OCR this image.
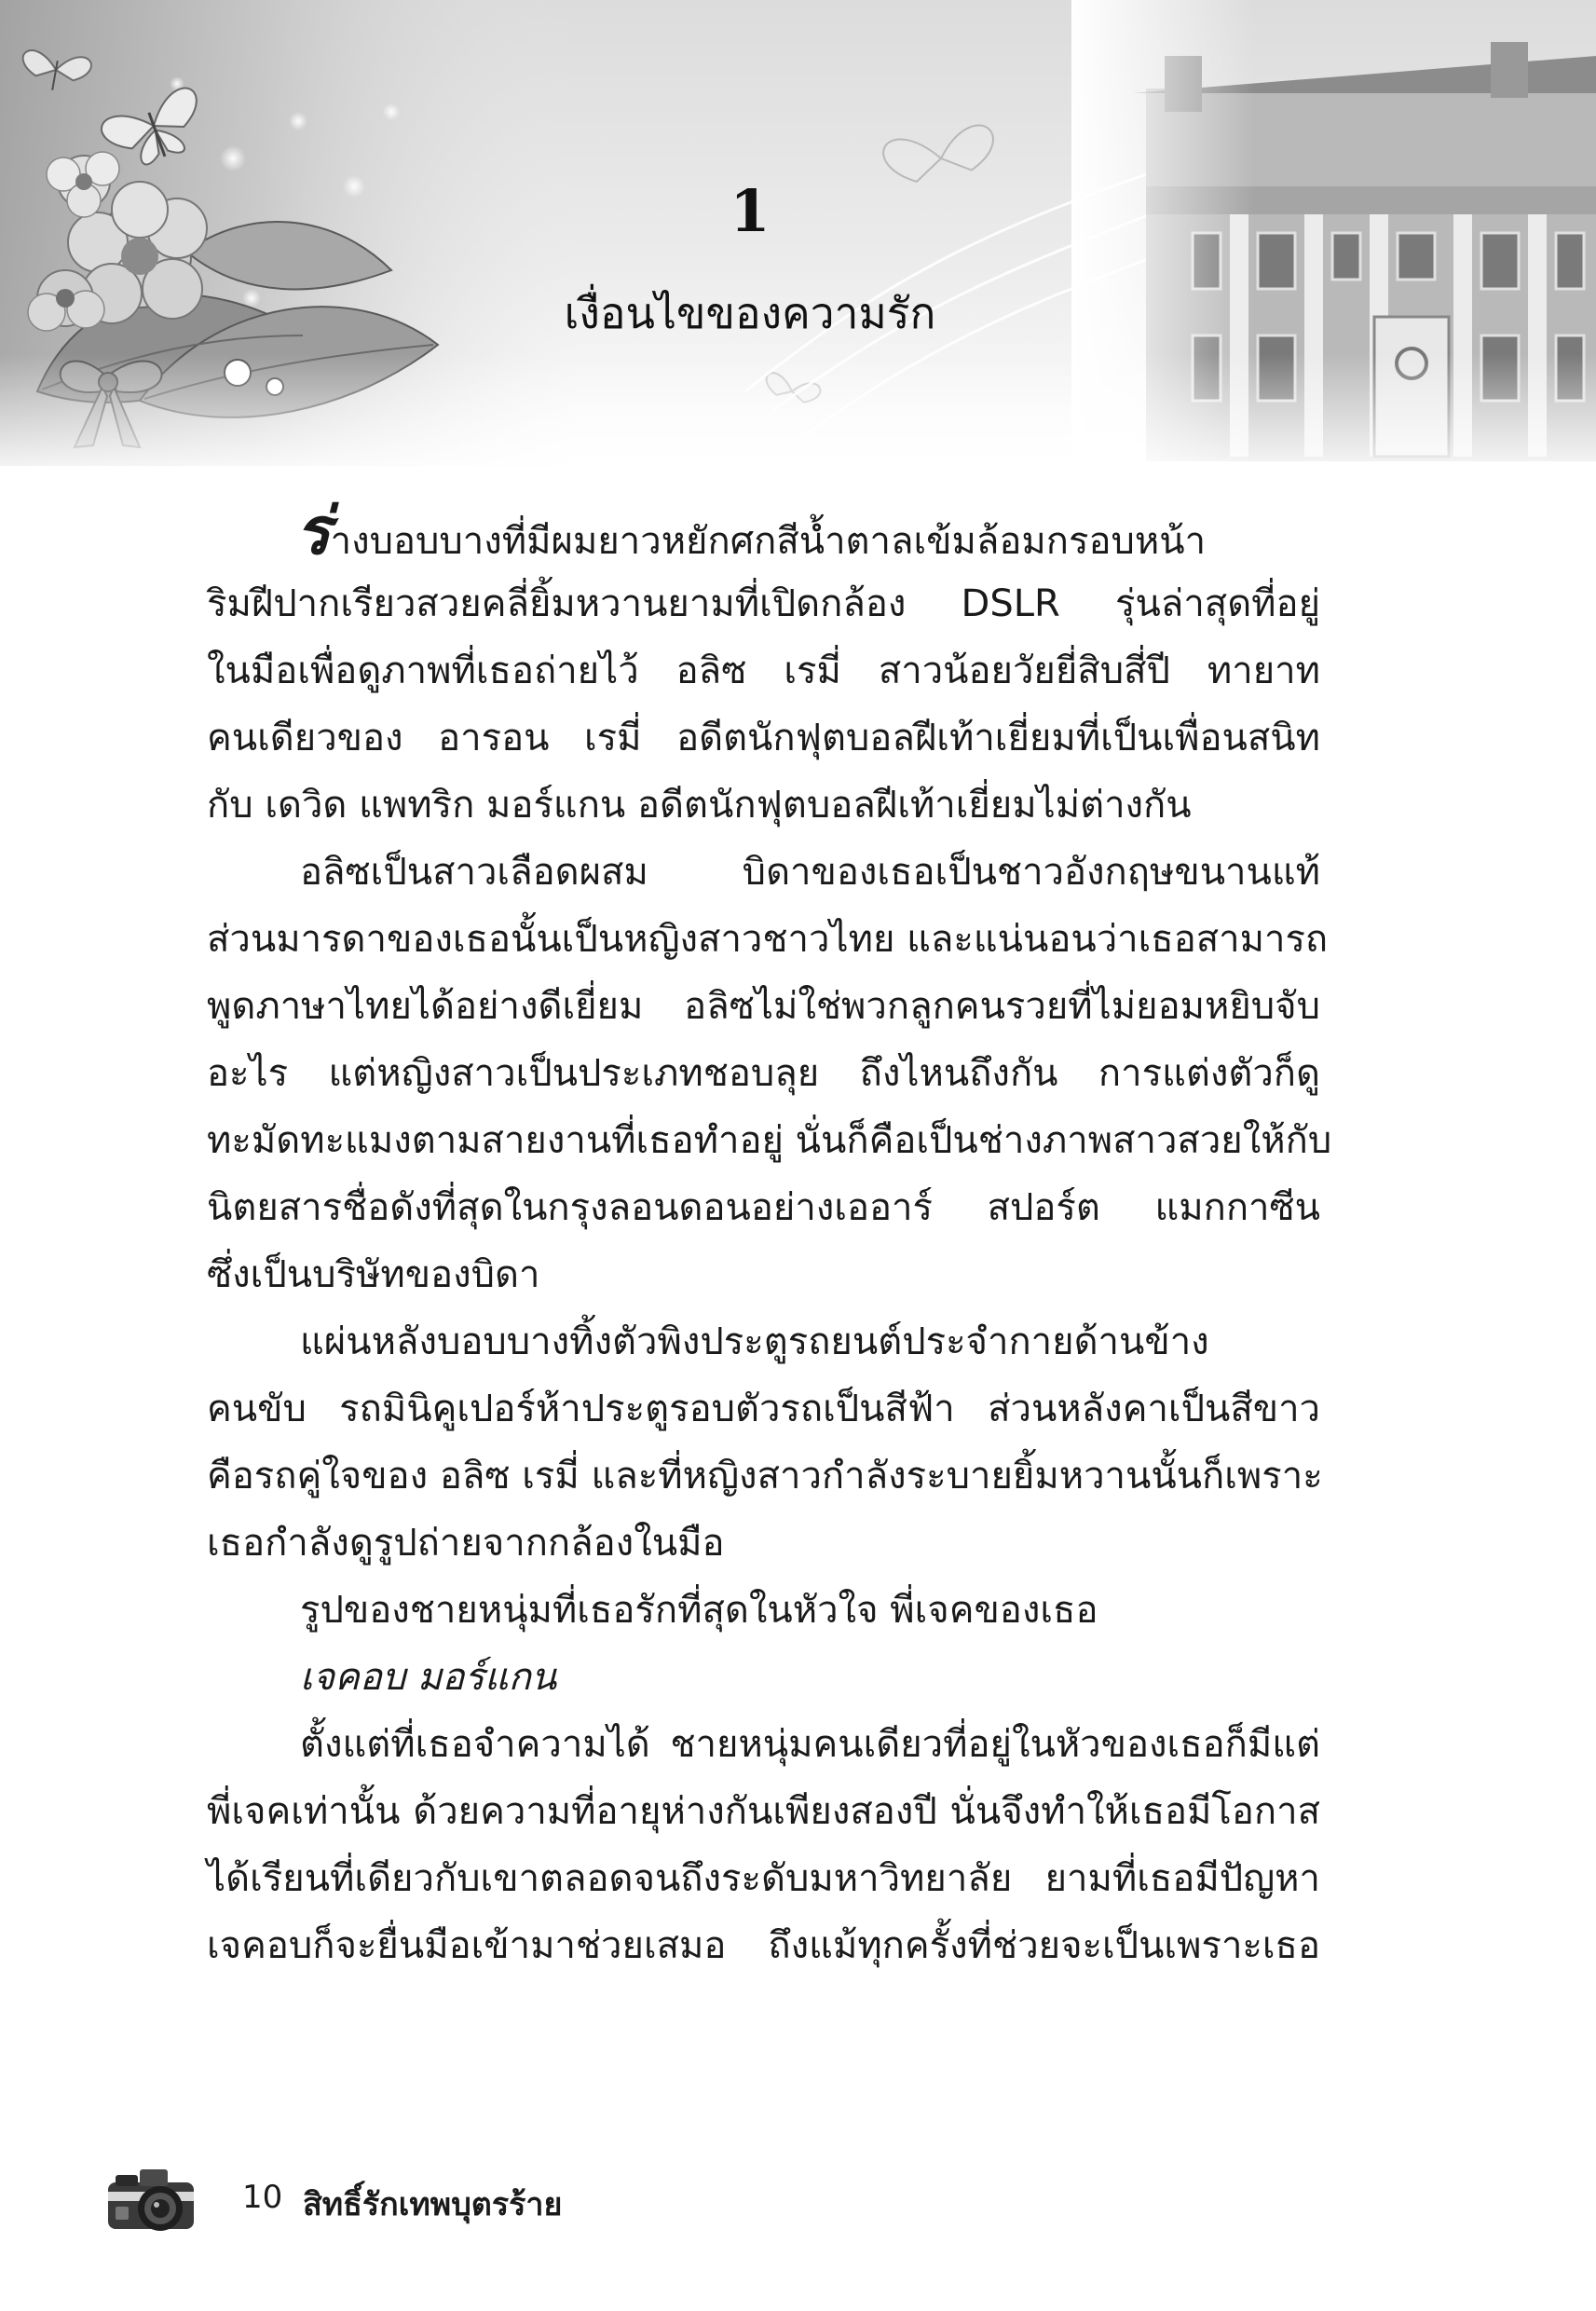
1
เงื่อนไขของความรัก
ร่างบอบบางที่มีผมยาวหยักศกสีน้ำตาลเข้มล้อมกรอบหน้า
ริมฝีปากเรียวสวยคลี่ยิ้มหวานยามที่เปิดกล้อง DSLR รุ่นล่าสุดที่อยู่
ในมือเพื่อดูภาพที่เธอถ่ายไว้ อลิซ เรมี่ สาวน้อยวัยยี่สิบสี่ปี ทายาท
คนเดียวของ อารอน เรมี่ อดีตนักฟุตบอลฝีเท้าเยี่ยมที่เป็นเพื่อนสนิท
กับ เดวิด แพทริก มอร์แกน อดีตนักฟุตบอลฝีเท้าเยี่ยมไม่ต่างกัน
อลิซเป็นสาวเลือดผสม บิดาของเธอเป็นชาวอังกฤษขนานแท้
ส่วนมารดาของเธอนั้นเป็นหญิงสาวชาวไทย และแน่นอนว่าเธอสามารถ
พูดภาษาไทยได้อย่างดีเยี่ยม อลิซไม่ใช่พวกลูกคนรวยที่ไม่ยอมหยิบจับ
อะไร แต่หญิงสาวเป็นประเภทชอบลุย ถึงไหนถึงกัน การแต่งตัวก็ดู
ทะมัดทะแมงตามสายงานที่เธอทำอยู่ นั่นก็คือเป็นช่างภาพสาวสวยให้กับ
นิตยสารชื่อดังที่สุดในกรุงลอนดอนอย่างเออาร์ สปอร์ต แมกกาซีน
ซึ่งเป็นบริษัทของบิดา
แผ่นหลังบอบบางทิ้งตัวพิงประตูรถยนต์ประจำกายด้านข้าง
คนขับ รถมินิคูเปอร์ห้าประตูรอบตัวรถเป็นสีฟ้า ส่วนหลังคาเป็นสีขาว
คือรถคู่ใจของ อลิซ เรมี่ และที่หญิงสาวกำลังระบายยิ้มหวานนั้นก็เพราะ
เธอกำลังดูรูปถ่ายจากกล้องในมือ
รูปของชายหนุ่มที่เธอรักที่สุดในหัวใจ พี่เจคของเธอ
เจคอบ มอร์แกน
ตั้งแต่ที่เธอจำความได้ ชายหนุ่มคนเดียวที่อยู่ในหัวของเธอก็มีแต่
พี่เจคเท่านั้น ด้วยความที่อายุห่างกันเพียงสองปี นั่นจึงทำให้เธอมีโอกาส
ได้เรียนที่เดียวกับเขาตลอดจนถึงระดับมหาวิทยาลัย ยามที่เธอมีปัญหา
เจคอบก็จะยื่นมือเข้ามาช่วยเสมอ ถึงแม้ทุกครั้งที่ช่วยจะเป็นเพราะเธอ
10 สิทธิ์รักเทพบุตรร้าย
